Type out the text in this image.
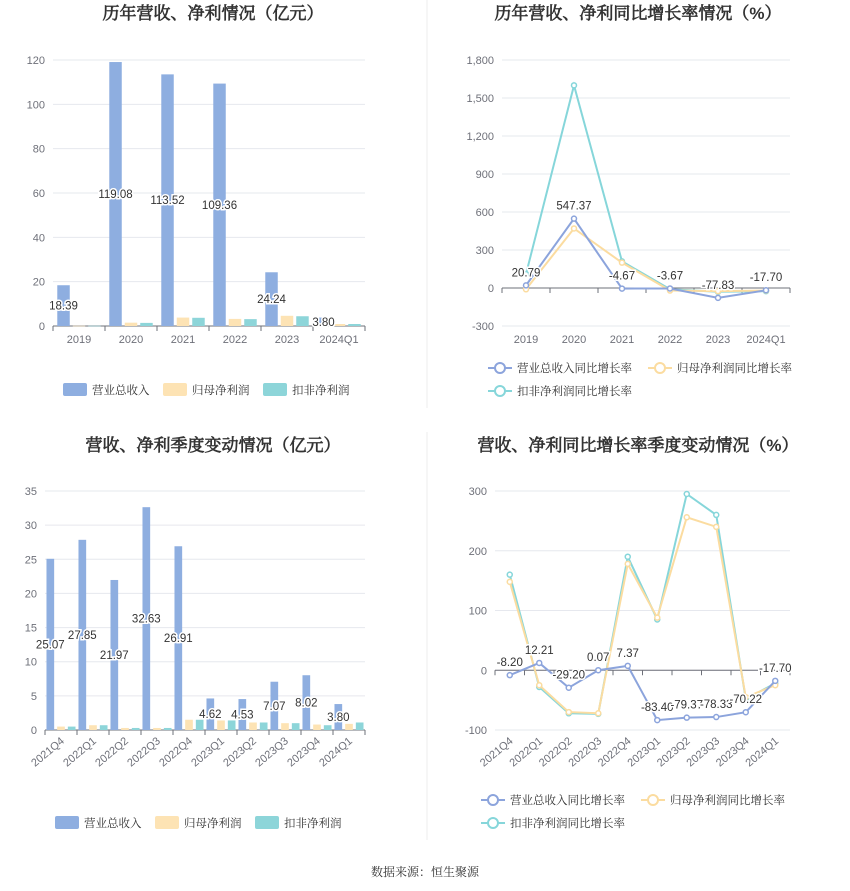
历年营收、净利情况（亿元）
0
20
40
60
80
100
120
2019	2020	2021	2022	2023 2024Q1
18.39
119.08
113.52 109.36
24.24
3.80
营业总收入	归母净利润	扣非净利润
历年营收、净利同比增长率情况（%）
-300
0
300
600
900
1,200
1,500
1,800
2019 2020 2021 2022 2023 2024Q1
20.79
547.37
-4.67 -3.67
-77.83
-17.70
营业总收入同比增长率	归母净利润同比增长率
扣非净利润同比增长率
营收、净利季度变动情况（亿元）
0
5
10
15
20
25
30
35
2021Q4
2022Q1
2022Q2
2022Q3
2022Q4
2023Q1
2023Q2
2023Q3
2023Q4
2024Q1
25.07
27.85
21.97
32.63
26.91
4.62 4.53
7.07 8.02
3.80
营业总收入	归母净利润	扣非净利润
营收、净利同比增长率季度变动情况（%）
-100
0
100
200
300
2021Q4
2022Q1
2022Q2
2022Q3
2022Q4
2023Q1
2023Q2
2023Q3
2023Q4
2024Q1
-8.20
12.21
-29.20
0.07 7.37
-83.40
-79.37
-78.33
-70.22
-17.70
营业总收入同比增长率	归母净利润同比增长率
扣非净利润同比增长率
数据来源：恒生聚源
